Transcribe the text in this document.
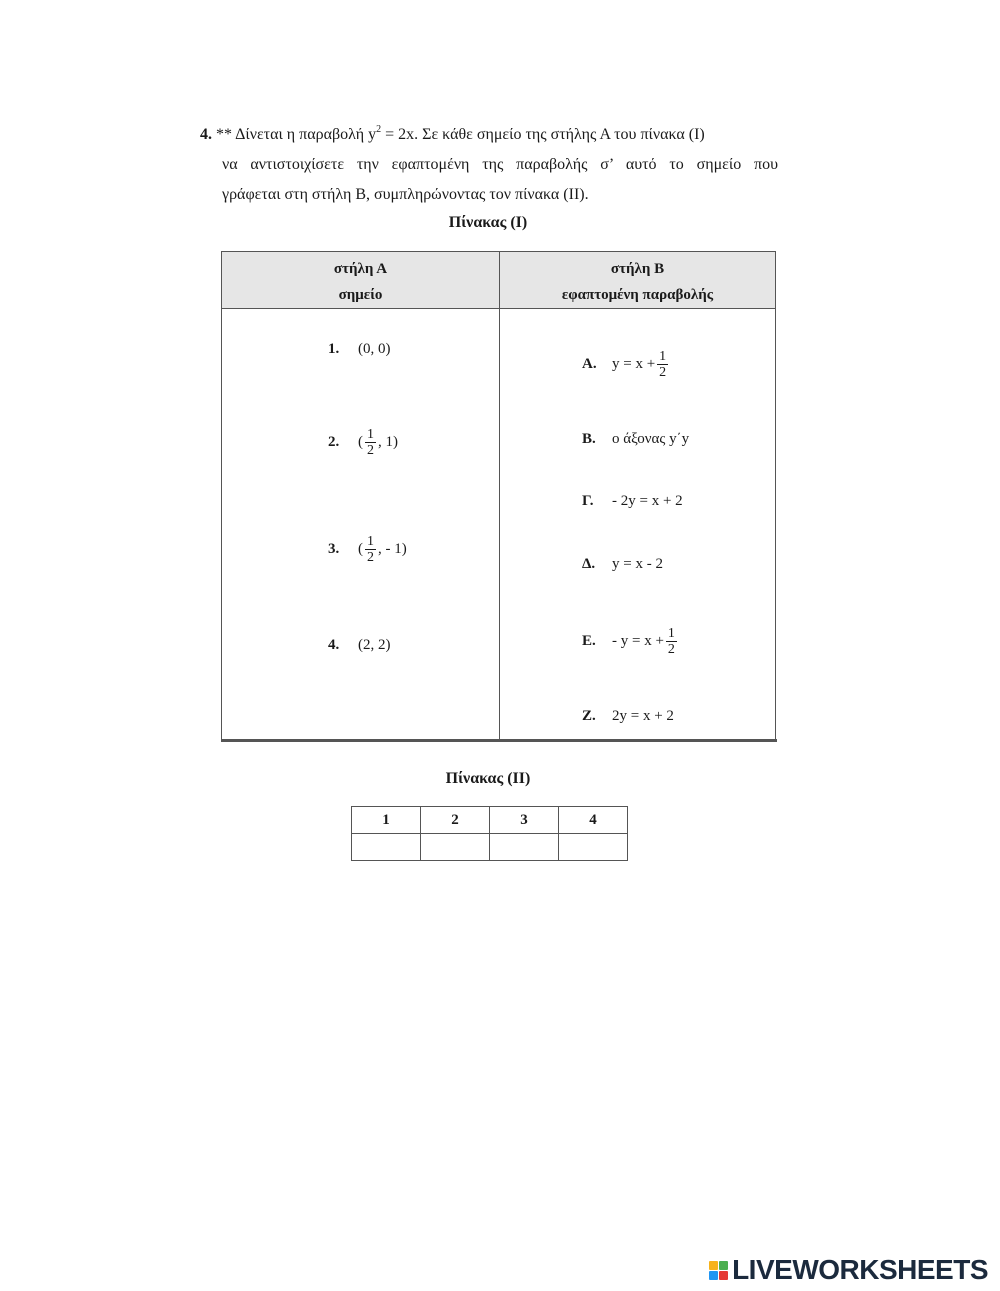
4. ** Δίνεται η παραβολή $y^2 = 2x$. Σε κάθε σημείο της στήλης Α του πίνακα (Ι)
να αντιστοιχίσετε την εφαπτομένη της παραβολής σ’ αυτό το σημείο που
γράφεται στη στήλη Β, συμπληρώνοντας τον πίνακα (ΙΙ).
Πίνακας (Ι)
στήλη Α
σημείο
στήλη Β
εφαπτομένη παραβολής
1.	(0, 0)
2.	( $\frac{1}{2}$ , 1)
3.	( $\frac{1}{2}$ , - 1)
4.	(2, 2)
Α.	$y = x + \frac{1}{2}$
Β.	ο άξονας y΄y
Γ.	- 2y = x + 2
Δ.	y = x - 2
Ε.	- $y = x + \frac{1}{2}$
Ζ.	2y = x + 2
Πίνακας (ΙΙ)
1	2	3	4

LIVEWORKSHEETS
